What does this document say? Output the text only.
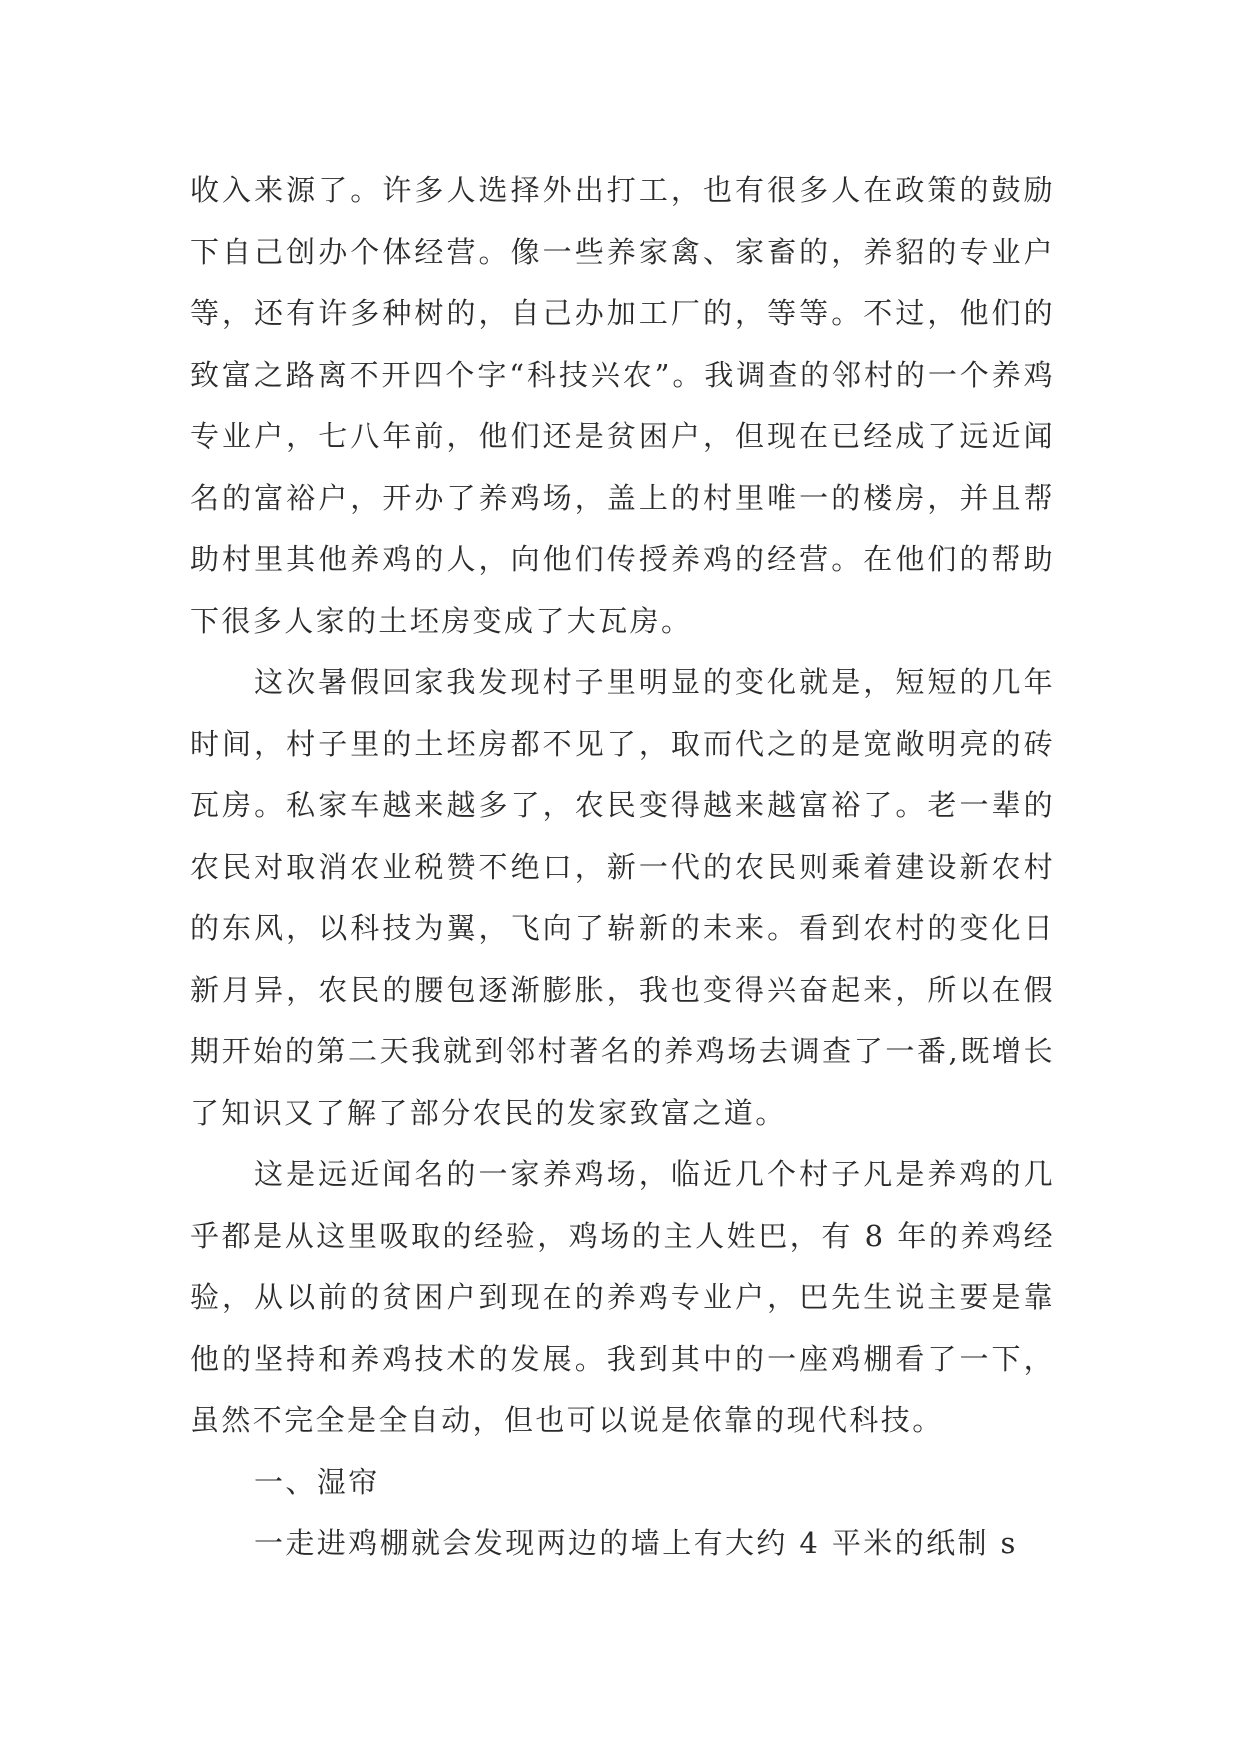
收入来源了。许多人选择外出打工，也有很多人在政策的鼓励下自己创办个体经营。像一些养家禽、家畜的，养貂的专业户等，还有许多种树的，自己办加工厂的，等等。不过，他们的致富之路离不开四个字“科技兴农”。我调查的邻村的一个养鸡专业户，七八年前，他们还是贫困户，但现在已经成了远近闻名的富裕户，开办了养鸡场，盖上的村里唯一的楼房，并且帮助村里其他养鸡的人，向他们传授养鸡的经营。在他们的帮助下很多人家的土坯房变成了大瓦房。

这次暑假回家我发现村子里明显的变化就是，短短的几年时间，村子里的土坯房都不见了，取而代之的是宽敞明亮的砖瓦房。私家车越来越多了，农民变得越来越富裕了。老一辈的农民对取消农业税赞不绝口，新一代的农民则乘着建设新农村的东风，以科技为翼，飞向了崭新的未来。看到农村的变化日新月异，农民的腰包逐渐膨胀，我也变得兴奋起来，所以在假期开始的第二天我就到邻村著名的养鸡场去调查了一番,既增长了知识又了解了部分农民的发家致富之道。

这是远近闻名的一家养鸡场，临近几个村子凡是养鸡的几乎都是从这里吸取的经验，鸡场的主人姓巴，有 8 年的养鸡经验，从以前的贫困户到现在的养鸡专业户，巴先生说主要是靠他的坚持和养鸡技术的发展。我到其中的一座鸡棚看了一下，虽然不完全是全自动，但也可以说是依靠的现代科技。

一、湿帘

一走进鸡棚就会发现两边的墙上有大约 4 平米的纸制 s
